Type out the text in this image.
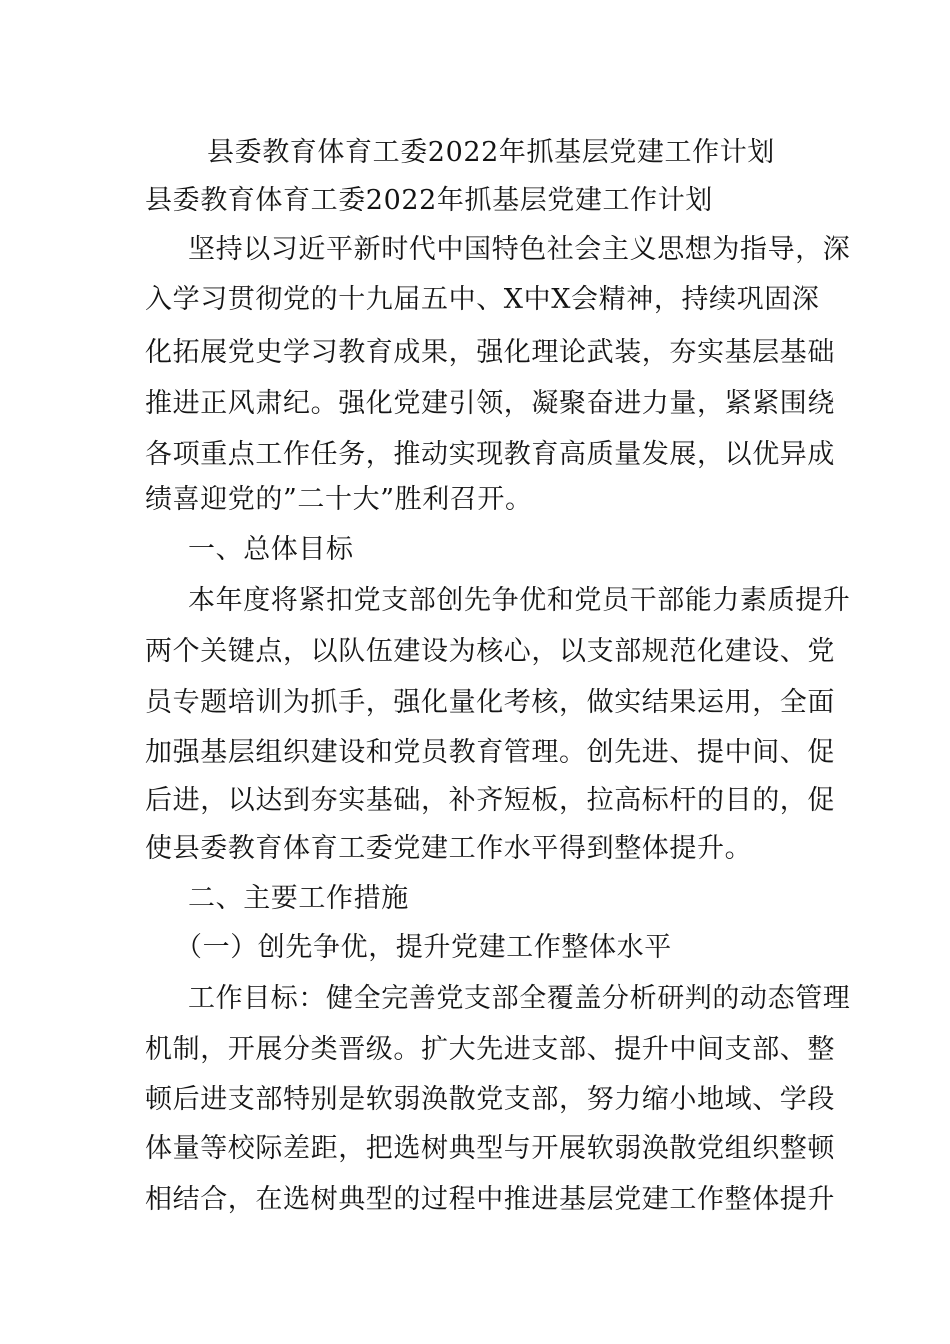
县委教育体育工委2022年抓基层党建工作计划
县委教育体育工委2022年抓基层党建工作计划
坚持以习近平新时代中国特色社会主义思想为指导，深
入学习贯彻党的十九届五中、X中X会精神，持续巩固深
化拓展党史学习教育成果，强化理论武装，夯实基层基础
推进正风肃纪。强化党建引领，凝聚奋进力量，紧紧围绕
各项重点工作任务，推动实现教育高质量发展，以优异成
绩喜迎党的”二十大”胜利召开。
一、总体目标
本年度将紧扣党支部创先争优和党员干部能力素质提升
两个关键点，以队伍建设为核心，以支部规范化建设、党
员专题培训为抓手，强化量化考核，做实结果运用，全面
加强基层组织建设和党员教育管理。创先进、提中间、促
后进，以达到夯实基础，补齐短板，拉高标杆的目的，促
使县委教育体育工委党建工作水平得到整体提升。
二、主要工作措施
（一）创先争优，提升党建工作整体水平
工作目标：健全完善党支部全覆盖分析研判的动态管理
机制，开展分类晋级。扩大先进支部、提升中间支部、整
顿后进支部特别是软弱涣散党支部，努力缩小地域、学段
体量等校际差距，把选树典型与开展软弱涣散党组织整顿
相结合，在选树典型的过程中推进基层党建工作整体提升
